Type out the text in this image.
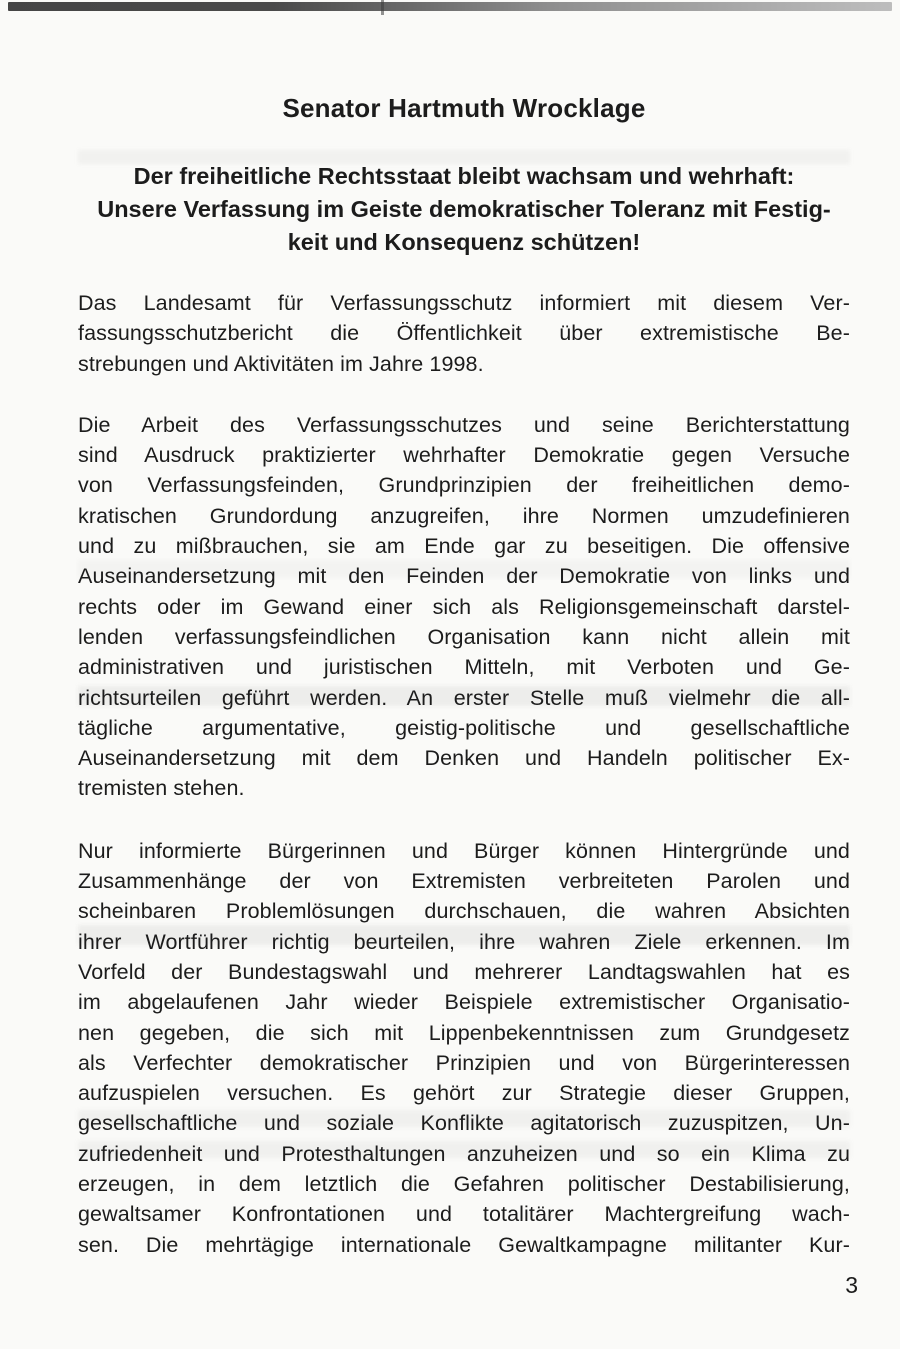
Senator Hartmuth Wrocklage
Der freiheitliche Rechtsstaat bleibt wachsam und wehrhaft:
Unsere Verfassung im Geiste demokratischer Toleranz mit Festig-
keit und Konsequenz schützen!
Das Landesamt für Verfassungsschutz informiert mit diesem Ver-
fassungsschutzbericht die Öffentlichkeit über extremistische Be-
strebungen und Aktivitäten im Jahre 1998.
Die Arbeit des Verfassungsschutzes und seine Berichterstattung
sind Ausdruck praktizierter wehrhafter Demokratie gegen Versuche
von Verfassungsfeinden, Grundprinzipien der freiheitlichen demo-
kratischen Grundordung anzugreifen, ihre Normen umzudefinieren
und zu mißbrauchen, sie am Ende gar zu beseitigen. Die offensive
Auseinandersetzung mit den Feinden der Demokratie von links und
rechts oder im Gewand einer sich als Religionsgemeinschaft darstel-
lenden verfassungsfeindlichen Organisation kann nicht allein mit
administrativen und juristischen Mitteln, mit Verboten und Ge-
richtsurteilen geführt werden. An erster Stelle muß vielmehr die all-
tägliche argumentative, geistig-politische und gesellschaftliche
Auseinandersetzung mit dem Denken und Handeln politischer Ex-
tremisten stehen.
Nur informierte Bürgerinnen und Bürger können Hintergründe und
Zusammenhänge der von Extremisten verbreiteten Parolen und
scheinbaren Problemlösungen durchschauen, die wahren Absichten
ihrer Wortführer richtig beurteilen, ihre wahren Ziele erkennen. Im
Vorfeld der Bundestagswahl und mehrerer Landtagswahlen hat es
im abgelaufenen Jahr wieder Beispiele extremistischer Organisatio-
nen gegeben, die sich mit Lippenbekenntnissen zum Grundgesetz
als Verfechter demokratischer Prinzipien und von Bürgerinteressen
aufzuspielen versuchen. Es gehört zur Strategie dieser Gruppen,
gesellschaftliche und soziale Konflikte agitatorisch zuzuspitzen, Un-
zufriedenheit und Protesthaltungen anzuheizen und so ein Klima zu
erzeugen, in dem letztlich die Gefahren politischer Destabilisierung,
gewaltsamer Konfrontationen und totalitärer Machtergreifung wach-
sen. Die mehrtägige internationale Gewaltkampagne militanter Kur-
3
